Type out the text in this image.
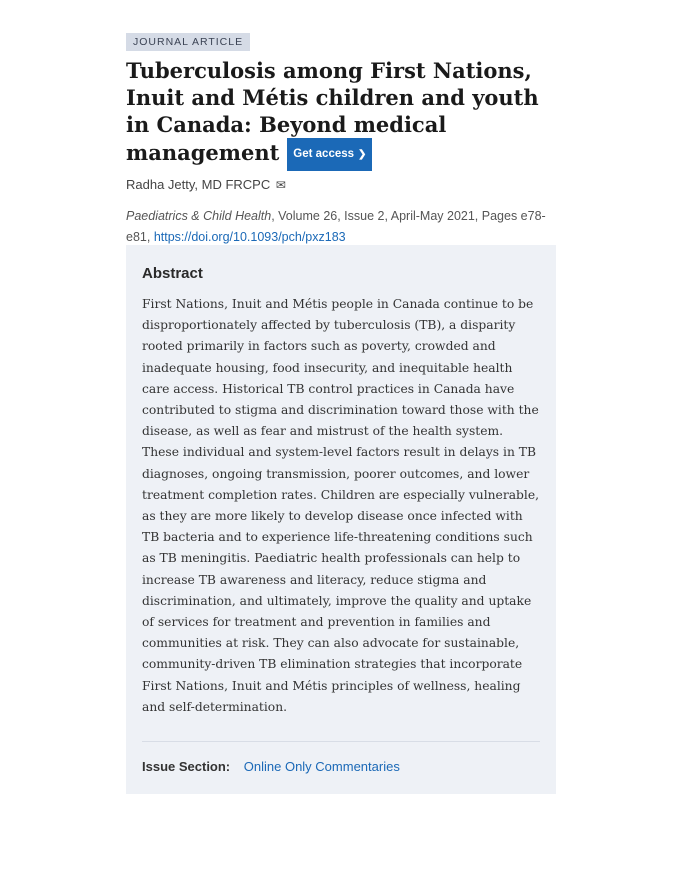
JOURNAL ARTICLE
Tuberculosis among First Nations, Inuit and Métis children and youth in Canada: Beyond medical management Get access ❯
Radha Jetty, MD FRCPC ✉
Paediatrics & Child Health, Volume 26, Issue 2, April-May 2021, Pages e78-e81, https://doi.org/10.1093/pch/pxz183
Abstract

First Nations, Inuit and Métis people in Canada continue to be disproportionately affected by tuberculosis (TB), a disparity rooted primarily in factors such as poverty, crowded and inadequate housing, food insecurity, and inequitable health care access. Historical TB control practices in Canada have contributed to stigma and discrimination toward those with the disease, as well as fear and mistrust of the health system. These individual and system-level factors result in delays in TB diagnoses, ongoing transmission, poorer outcomes, and lower treatment completion rates. Children are especially vulnerable, as they are more likely to develop disease once infected with TB bacteria and to experience life-threatening conditions such as TB meningitis. Paediatric health professionals can help to increase TB awareness and literacy, reduce stigma and discrimination, and ultimately, improve the quality and uptake of services for treatment and prevention in families and communities at risk. They can also advocate for sustainable, community-driven TB elimination strategies that incorporate First Nations, Inuit and Métis principles of wellness, healing and self-determination.

Issue Section: Online Only Commentaries
